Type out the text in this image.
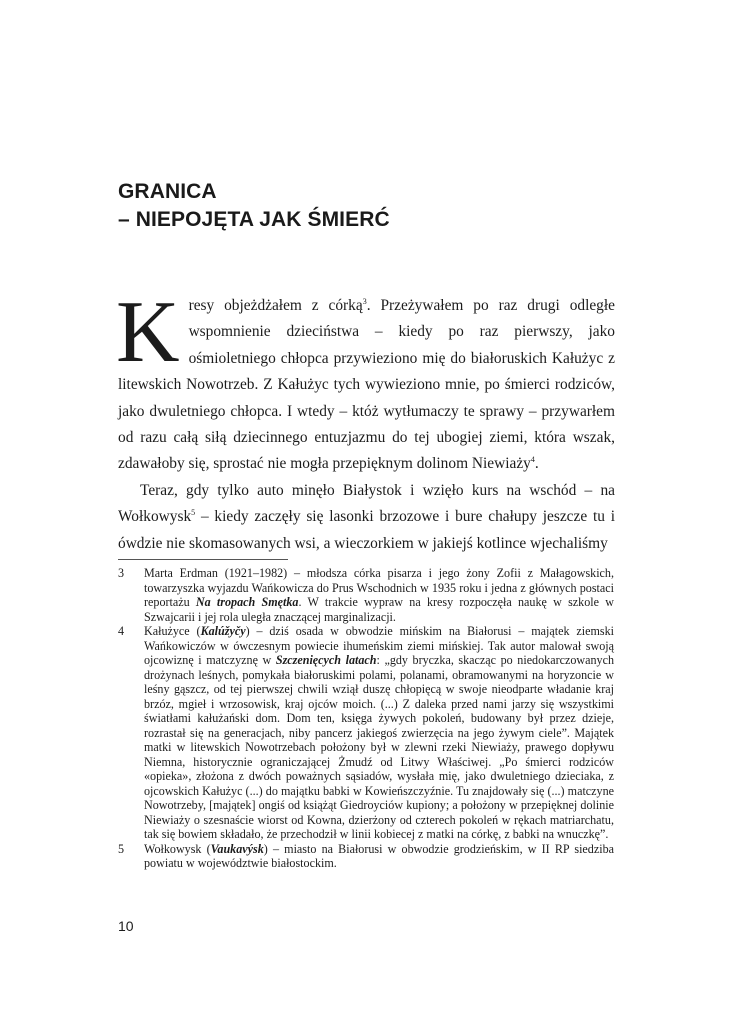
GRANICA
– NIEPOJĘTA JAK ŚMIERĆ

Kresy objeżdżałem z córką$^3$. Przeżywałem po raz drugi odległe wspomnienie dzieciństwa – kiedy po raz pierwszy, jako ośmioletniego chłopca przywieziono mię do białoruskich Kałużyc z litewskich Nowotrzeb. Z Kałużyc tych wywieziono mnie, po śmierci rodziców, jako dwuletniego chłopca. I wtedy – któż wytłumaczy te sprawy – przywarłem od razu całą siłą dziecinnego entuzjazmu do tej ubogiej ziemi, która wszak, zdawałoby się, sprostać nie mogła przepięknym dolinom Niewiaży$^4$.

Teraz, gdy tylko auto minęło Białystok i wzięło kurs na wschód – na Wołkowysk$^5$ – kiedy zaczęły się lasonki brzozowe i bure chałupy jeszcze tu i ówdzie nie skomasowanych wsi, a wieczorkiem w jakiejś kotlince wjechaliśmy

3	Marta Erdman (1921–1982) – młodsza córka pisarza i jego żony Zofii z Małagowskich, towarzyszka wyjazdu Wańkowicza do Prus Wschodnich w 1935 roku i jedna z głównych postaci reportażu Na tropach Smętka. W trakcie wypraw na kresy rozpoczęła naukę w szkole w Szwajcarii i jej rola uległa znaczącej marginalizacji.

4	Kałużyce (Kalúžyčy) – dziś osada w obwodzie mińskim na Białorusi – majątek ziemski Wańkowiczów w ówczesnym powiecie ihumeńskim ziemi mińskiej. Tak autor malował swoją ojcowiznę i matczyznę w Szczenięcych latach: „gdy bryczka, skacząc po niedokarczowanych drożynach leśnych, pomykała białoruskimi polami, polanami, obramowanymi na horyzoncie w leśny gąszcz, od tej pierwszej chwili wziął duszę chłopięcą w swoje nieodparte władanie kraj brzóz, mgieł i wrzosowisk, kraj ojców moich. (...) Z daleka przed nami jarzy się wszystkimi światłami kałużański dom. Dom ten, księga żywych pokoleń, budowany był przez dzieje, rozrastał się na generacjach, niby pancerz jakiegoś zwierzęcia na jego żywym ciele”. Majątek matki w litewskich Nowotrzebach położony był w zlewni rzeki Niewiaży, prawego dopływu Niemna, historycznie ograniczającej Żmudź od Litwy Właściwej. „Po śmierci rodziców «opieka», złożona z dwóch poważnych sąsiadów, wysłała mię, jako dwuletniego dzieciaka, z ojcowskich Kałużyc (...) do majątku babki w Kowieńszczyźnie. Tu znajdowały się (...) matczyne Nowotrzeby, [majątek] ongiś od książąt Giedroyciów kupiony; a położony w przepięknej dolinie Niewiaży o szesnaście wiorst od Kowna, dzierżony od czterech pokoleń w rękach matriarchatu, tak się bowiem składało, że przechodził w linii kobiecej z matki na córkę, z babki na wnuczkę”.

5	Wołkowysk (Vaukavýsk) – miasto na Białorusi w obwodzie grodzieńskim, w II RP siedziba powiatu w województwie białostockim.

10
